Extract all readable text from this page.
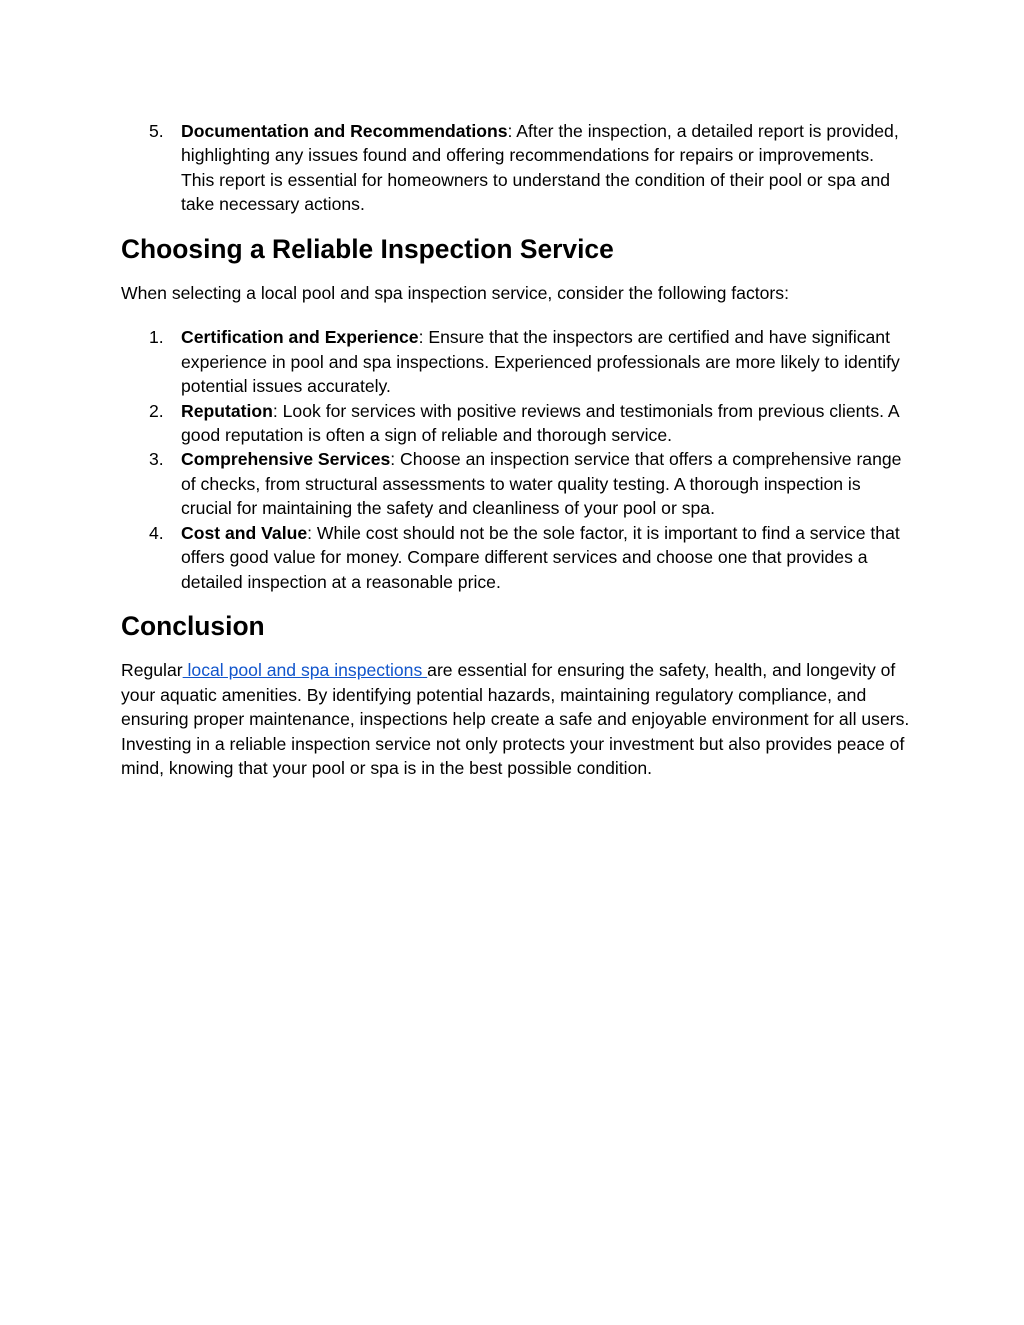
5. Documentation and Recommendations: After the inspection, a detailed report is provided, highlighting any issues found and offering recommendations for repairs or improvements. This report is essential for homeowners to understand the condition of their pool or spa and take necessary actions.
Choosing a Reliable Inspection Service

When selecting a local pool and spa inspection service, consider the following factors:

1. Certification and Experience: Ensure that the inspectors are certified and have significant experience in pool and spa inspections. Experienced professionals are more likely to identify potential issues accurately.
2. Reputation: Look for services with positive reviews and testimonials from previous clients. A good reputation is often a sign of reliable and thorough service.
3. Comprehensive Services: Choose an inspection service that offers a comprehensive range of checks, from structural assessments to water quality testing. A thorough inspection is crucial for maintaining the safety and cleanliness of your pool or spa.
4. Cost and Value: While cost should not be the sole factor, it is important to find a service that offers good value for money. Compare different services and choose one that provides a detailed inspection at a reasonable price.
Conclusion

Regular local pool and spa inspections are essential for ensuring the safety, health, and longevity of your aquatic amenities. By identifying potential hazards, maintaining regulatory compliance, and ensuring proper maintenance, inspections help create a safe and enjoyable environment for all users. Investing in a reliable inspection service not only protects your investment but also provides peace of mind, knowing that your pool or spa is in the best possible condition.
